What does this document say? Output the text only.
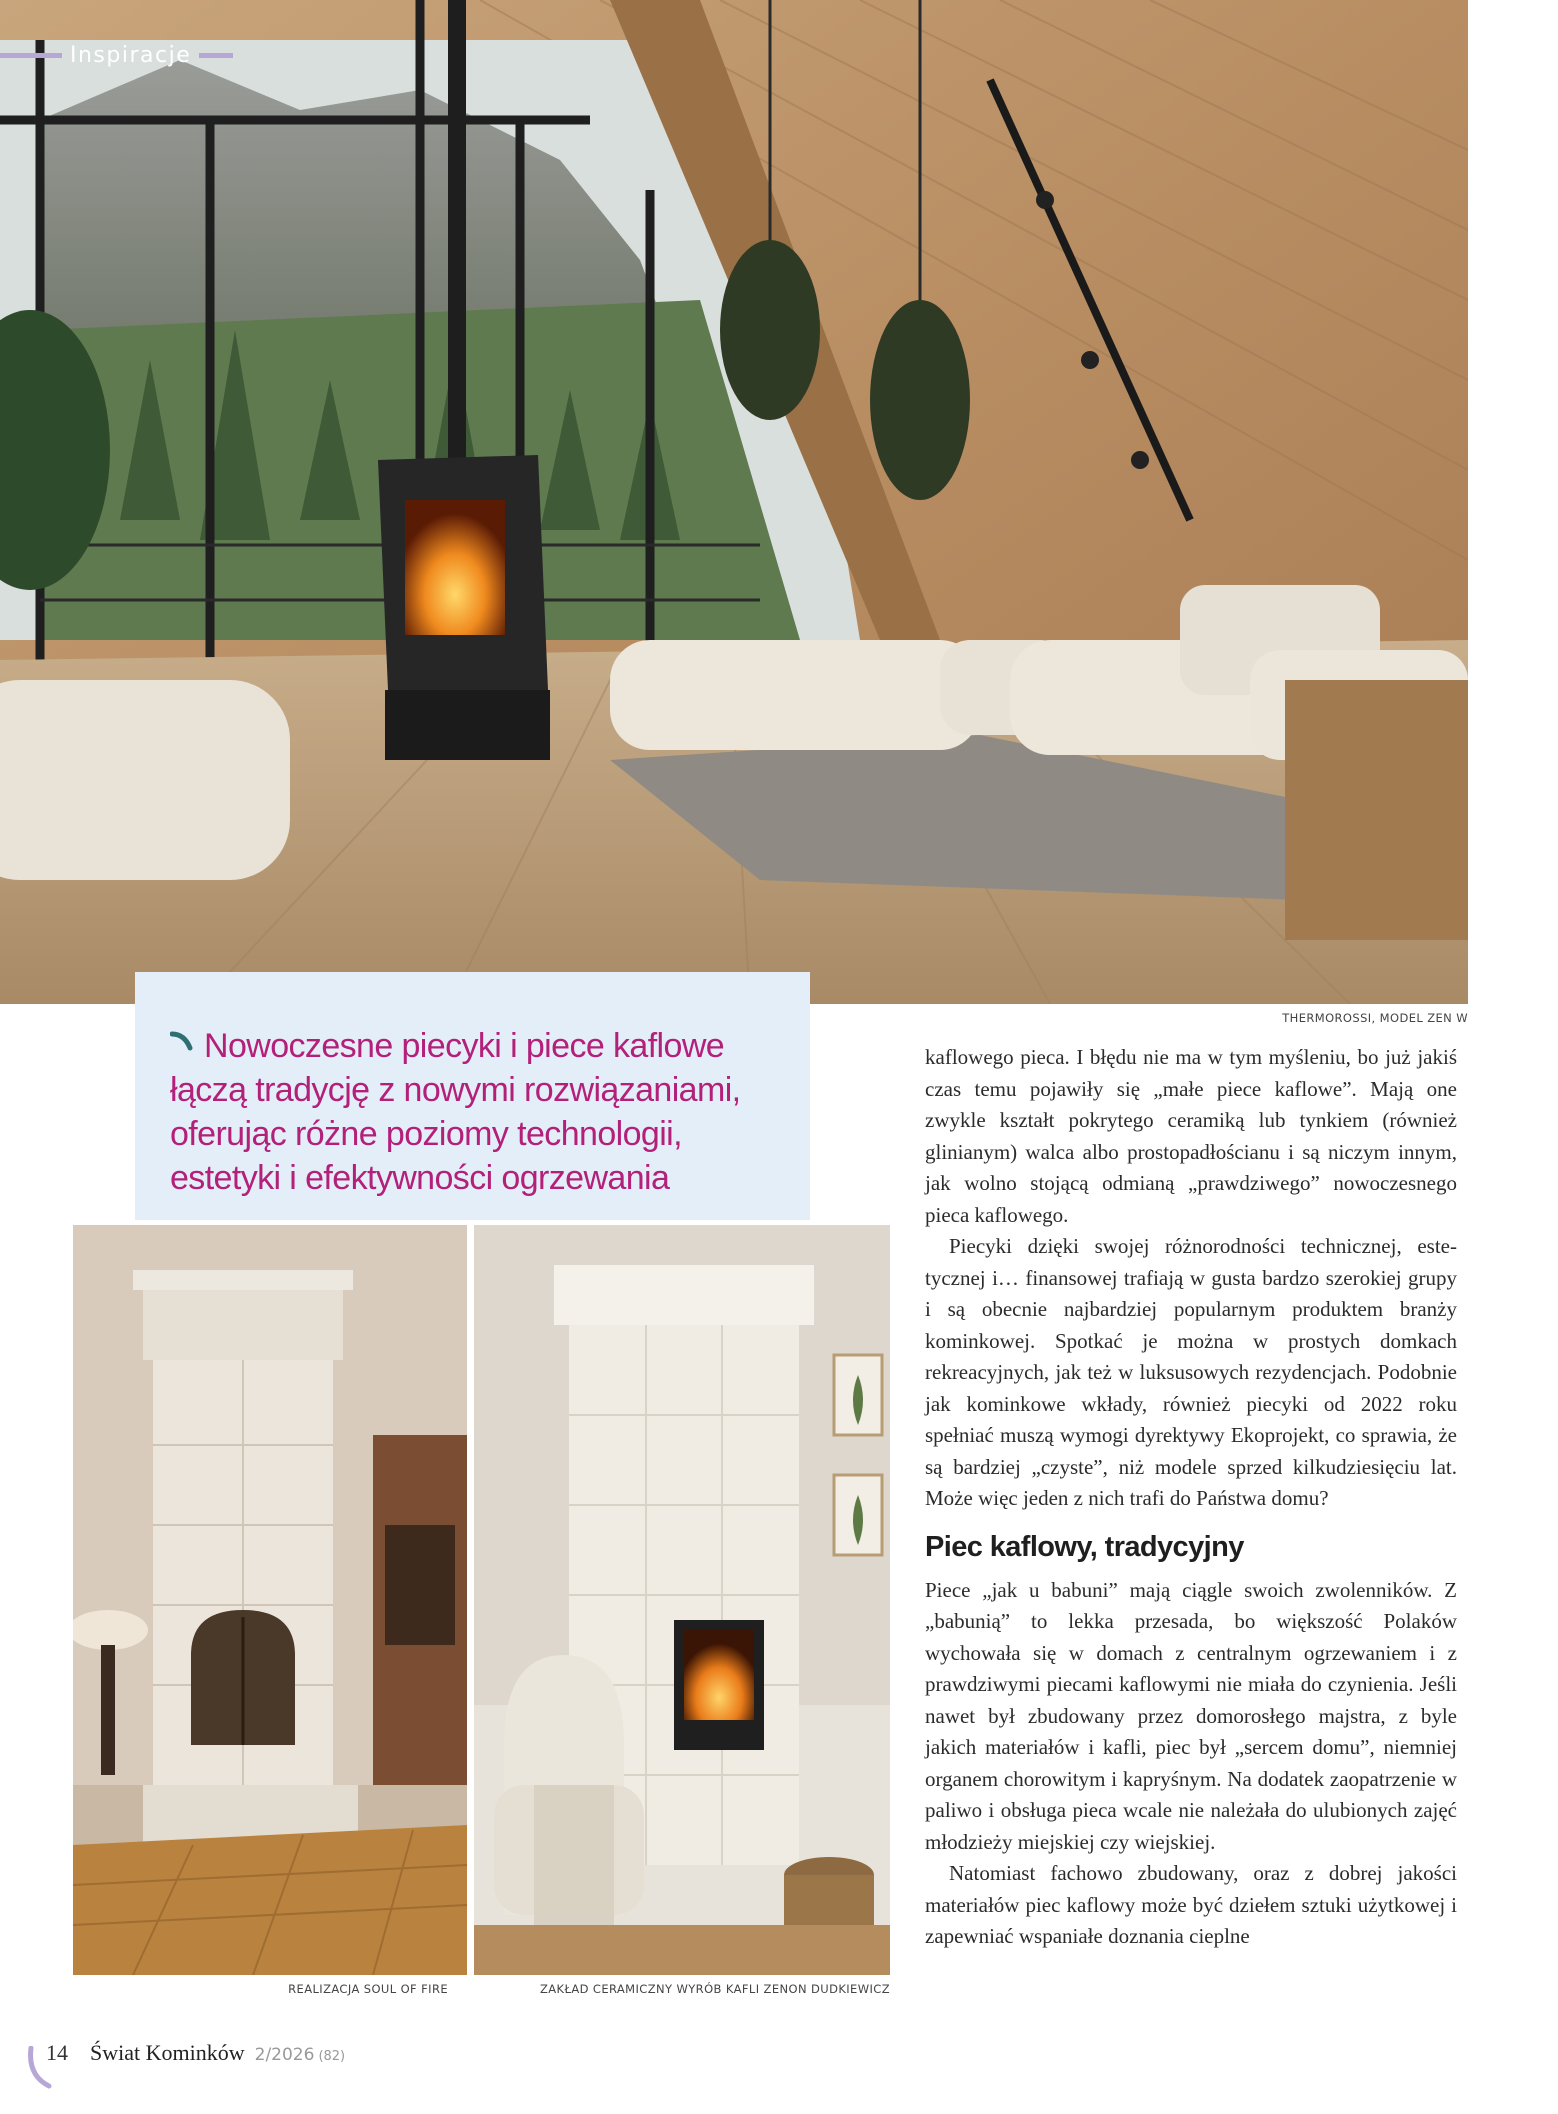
Inspiracje
THERMOROSSI, MODEL ZEN W
Nowoczesne piecyki i piece kaflowe łączą tradycję z nowymi rozwiązaniami, oferując różne poziomy technologii, estetyki i efektywności ogrzewania
REALIZACJA SOUL OF FIRE	ZAKŁAD CERAMICZNY WYRÓB KAFLI ZENON DUDKIEWICZ

kaflowego pieca. I błędu nie ma w tym myśleniu, bo już jakiś czas temu pojawiły się „małe piece kaflowe”. Mają one zwykle kształt pokrytego ceramiką lub tynkiem (również glinianym) walca albo prostopadłościanu i są niczym innym, jak wolno stojącą odmianą „prawdziwego” nowoczesnego pieca kaflowego.

Piecyki dzięki swojej różnorodności technicznej, estetycznej i… finansowej trafiają w gusta bardzo szerokiej grupy i są obecnie najbardziej popularnym produktem branży kominkowej. Spotkać je można w prostych domkach rekreacyjnych, jak też w luksusowych rezydencjach. Podobnie jak kominkowe wkłady, również piecyki od 2022 roku spełniać muszą wymogi dyrektywy Ekoprojekt, co sprawia, że są bardziej „czyste”, niż modele sprzed kilkudziesięciu lat. Może więc jeden z nich trafi do Państwa domu?

Piec kaflowy, tradycyjny

Piece „jak u babuni” mają ciągle swoich zwolenników. Z „babunią” to lekka przesada, bo większość Polaków wychowała się w domach z centralnym ogrzewaniem i z prawdziwymi piecami kaflowymi nie miała do czynienia. Jeśli nawet był zbudowany przez domorosłego majstra, z byle jakich materiałów i kafli, piec był „sercem domu”, niemniej organem chorowitym i kapryśnym. Na dodatek zaopatrzenie w paliwo i obsługa pieca wcale nie należała do ulubionych zajęć młodzieży miejskiej czy wiejskiej.

Natomiast fachowo zbudowany, oraz z dobrej jakości materiałów piec kaflowy może być dziełem sztuki użytkowej i zapewniać wspaniałe doznania cieplne

14 Świat Kominków 2/2026 (82)
